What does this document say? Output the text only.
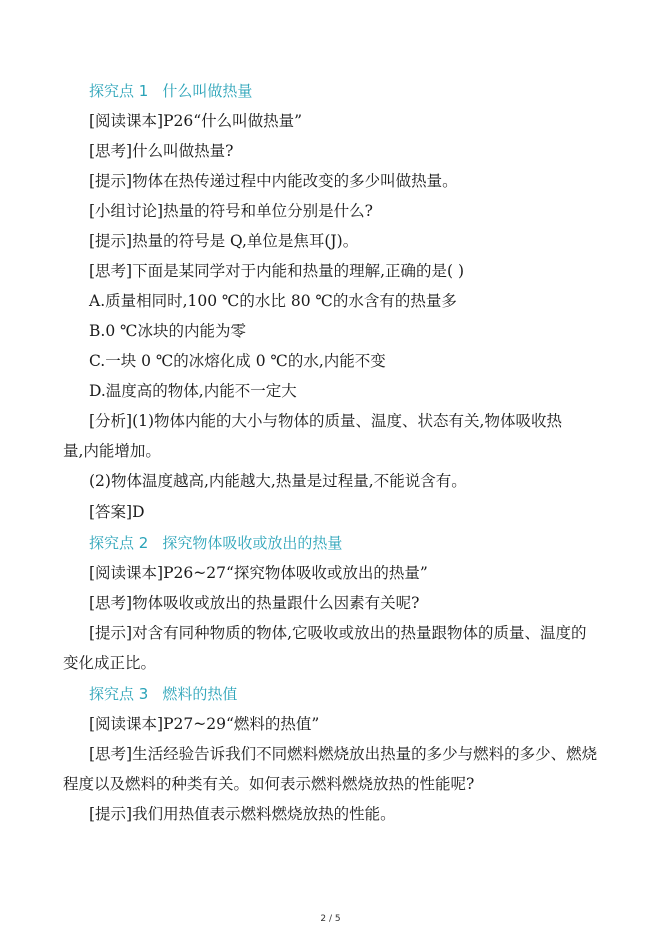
探究点 1 什么叫做热量
[阅读课本]P26“什么叫做热量”
[思考]什么叫做热量?
[提示]物体在热传递过程中内能改变的多少叫做热量。
[小组讨论]热量的符号和单位分别是什么?
[提示]热量的符号是 Q,单位是焦耳(J)。
[思考]下面是某同学对于内能和热量的理解,正确的是( )
A.质量相同时,100 ℃的水比 80 ℃的水含有的热量多
B.0 ℃冰块的内能为零
C.一块 0 ℃的冰熔化成 0 ℃的水,内能不变
D.温度高的物体,内能不一定大
[分析](1)物体内能的大小与物体的质量、温度、状态有关,物体吸收热
量,内能增加。
(2)物体温度越高,内能越大,热量是过程量,不能说含有。
[答案]D
探究点 2 探究物体吸收或放出的热量
[阅读课本]P26~27“探究物体吸收或放出的热量”
[思考]物体吸收或放出的热量跟什么因素有关呢?
[提示]对含有同种物质的物体,它吸收或放出的热量跟物体的质量、温度的
变化成正比。
探究点 3 燃料的热值
[阅读课本]P27~29“燃料的热值”
[思考]生活经验告诉我们不同燃料燃烧放出热量的多少与燃料的多少、燃烧
程度以及燃料的种类有关。如何表示燃料燃烧放热的性能呢?
[提示]我们用热值表示燃料燃烧放热的性能。
2 / 5
